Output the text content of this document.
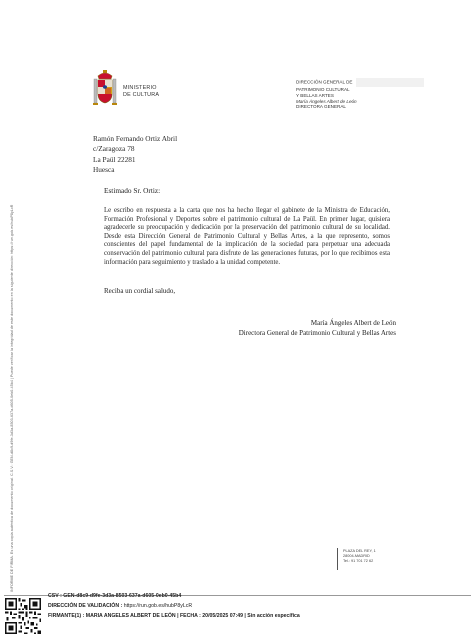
INFORME DE FIRMA. Es una copia auténtica de documento original. C.S.V.: GEN-d8c9-d9fe-3d3a-8503-637a-d605-0eb0-45b4 | Puede verificar la integridad de este documento en la siguiente dirección: https://run.gob.es/hubP8yLcR
MINISTERIO
DE CULTURA
DIRECCIÓN GENERAL DE
PATRIMONIO CULTURAL
Y BELLAS ARTES
María Ángeles Albert de León
DIRECTORA GENERAL
Ramón Fernando Ortiz Abril
c/Zaragoza 78
La Paül 22281
Huesca
Estimado Sr. Ortiz:
Le escribo en respuesta a la carta que nos ha hecho llegar el gabinete de la Ministra de Educación, Formación Profesional y Deportes sobre el patrimonio cultural de La Paül. En primer lugar, quisiera agradecerle su preocupación y dedicación por la preservación del patrimonio cultural de su localidad. Desde esta Dirección General de Patrimonio Cultural y Bellas Artes, a la que represento, somos conscientes del papel fundamental de la implicación de la sociedad para perpetuar una adecuada conservación del patrimonio cultural para disfrute de las generaciones futuras, por lo que recibimos esta información para seguimiento y traslado a la unidad competente.
Reciba un cordial saludo,
María Ángeles Albert de León
Directora General de Patrimonio Cultural y Bellas Artes
PLAZA DEL REY, 1
28004-MADRID
Tel.: 91 701 72 62
CSV : GEN-d8c9-d9fe-3d3a-8503-637a-d605-0eb0-45b4
DIRECCIÓN DE VALIDACIÓN : https://run.gob.es/hubP8yLcR
FIRMANTE(1) : MARIA ANGELES ALBERT DE LEÓN | FECHA : 20/05/2025 07:49 | Sin acción específica
